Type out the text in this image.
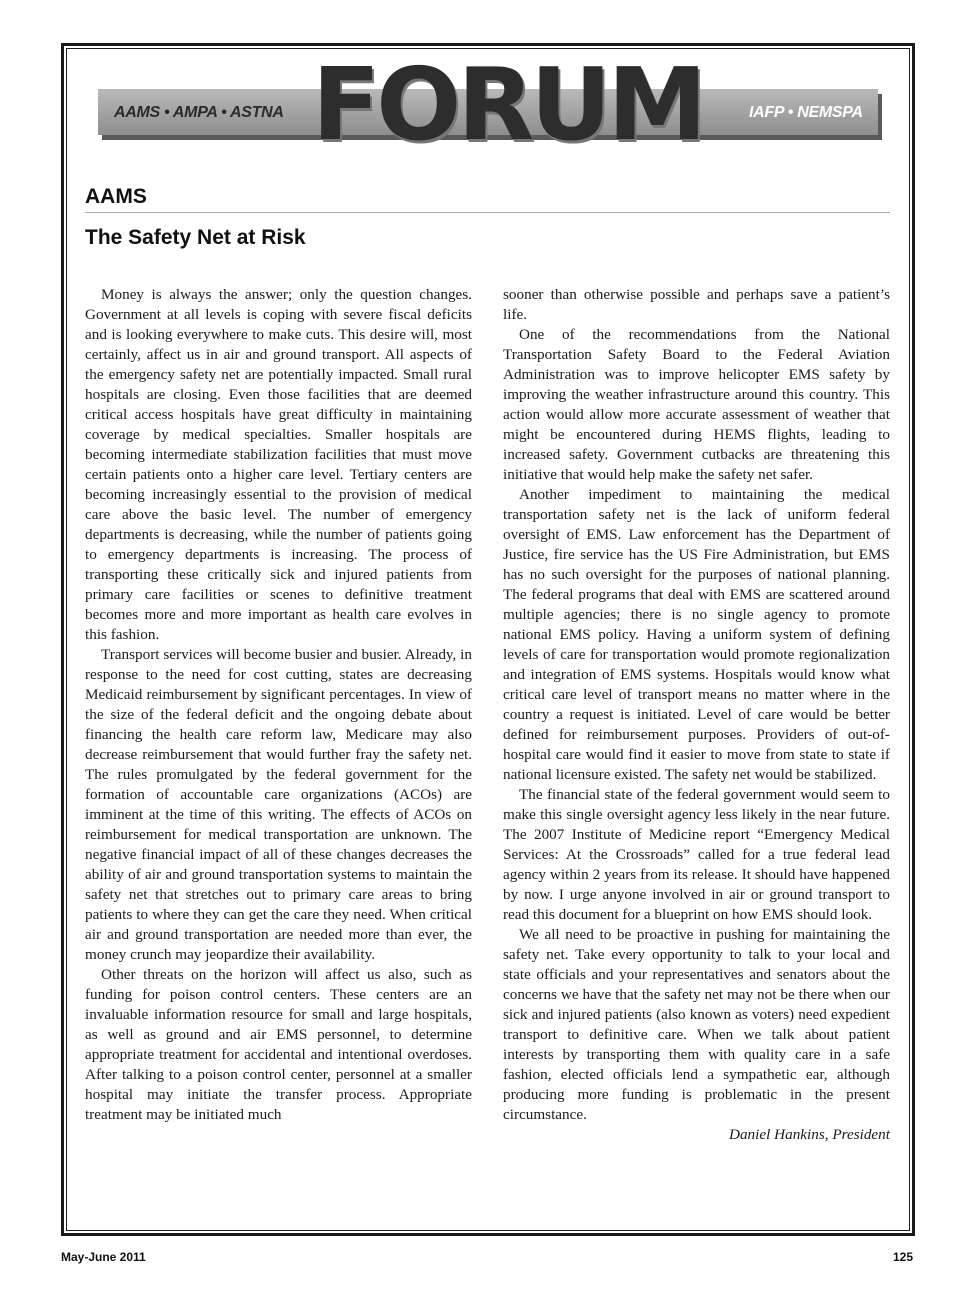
AAMS • AMPA • ASTNA FORUM	IAFP • NEMSPA
AAMS
The Safety Net at Risk

Money is always the answer; only the question changes. Government at all levels is coping with severe fiscal deficits and is looking everywhere to make cuts. This desire will, most certainly, affect us in air and ground transport. All aspects of the emergency safety net are potentially impacted. Small rural hospitals are closing. Even those facilities that are deemed critical access hospitals have great difficulty in maintaining coverage by medical specialties. Smaller hospitals are becoming intermediate stabilization facilities that must move certain patients onto a higher care level. Tertiary centers are becoming increasingly essential to the provision of medical care above the basic level. The number of emergency departments is decreasing, while the number of patients going to emergency departments is increasing. The process of transporting these critically sick and injured patients from primary care facilities or scenes to definitive treatment becomes more and more important as health care evolves in this fashion.

Transport services will become busier and busier. Already, in response to the need for cost cutting, states are decreasing Medicaid reimbursement by significant percentages. In view of the size of the federal deficit and the ongoing debate about financing the health care reform law, Medicare may also decrease reimbursement that would further fray the safety net. The rules promulgated by the federal government for the formation of accountable care organizations (ACOs) are imminent at the time of this writing. The effects of ACOs on reimbursement for medical transportation are unknown. The negative financial impact of all of these changes decreases the ability of air and ground transportation systems to maintain the safety net that stretches out to primary care areas to bring patients to where they can get the care they need. When critical air and ground transportation are needed more than ever, the money crunch may jeopardize their availability.

Other threats on the horizon will affect us also, such as funding for poison control centers. These centers are an invaluable information resource for small and large hospitals, as well as ground and air EMS personnel, to determine appropriate treatment for accidental and intentional overdoses. After talking to a poison control center, personnel at a smaller hospital may initiate the transfer process. Appropriate treatment may be initiated much

sooner than otherwise possible and perhaps save a patient’s life.

One of the recommendations from the National Transportation Safety Board to the Federal Aviation Administration was to improve helicopter EMS safety by improving the weather infrastructure around this country. This action would allow more accurate assessment of weather that might be encountered during HEMS flights, leading to increased safety. Government cutbacks are threatening this initiative that would help make the safety net safer.

Another impediment to maintaining the medical transportation safety net is the lack of uniform federal oversight of EMS. Law enforcement has the Department of Justice, fire service has the US Fire Administration, but EMS has no such oversight for the purposes of national planning. The federal programs that deal with EMS are scattered around multiple agencies; there is no single agency to promote national EMS policy. Having a uniform system of defining levels of care for transportation would promote regionalization and integration of EMS systems. Hospitals would know what critical care level of transport means no matter where in the country a request is initiated. Level of care would be better defined for reimbursement purposes. Providers of out-of-hospital care would find it easier to move from state to state if national licensure existed. The safety net would be stabilized.

The financial state of the federal government would seem to make this single oversight agency less likely in the near future. The 2007 Institute of Medicine report “Emergency Medical Services: At the Crossroads” called for a true federal lead agency within 2 years from its release. It should have happened by now. I urge anyone involved in air or ground transport to read this document for a blueprint on how EMS should look.

We all need to be proactive in pushing for maintaining the safety net. Take every opportunity to talk to your local and state officials and your representatives and senators about the concerns we have that the safety net may not be there when our sick and injured patients (also known as voters) need expedient transport to definitive care. When we talk about patient interests by transporting them with quality care in a safe fashion, elected officials lend a sympathetic ear, although producing more funding is problematic in the present circumstance.

Daniel Hankins, President

May-June 2011	125
